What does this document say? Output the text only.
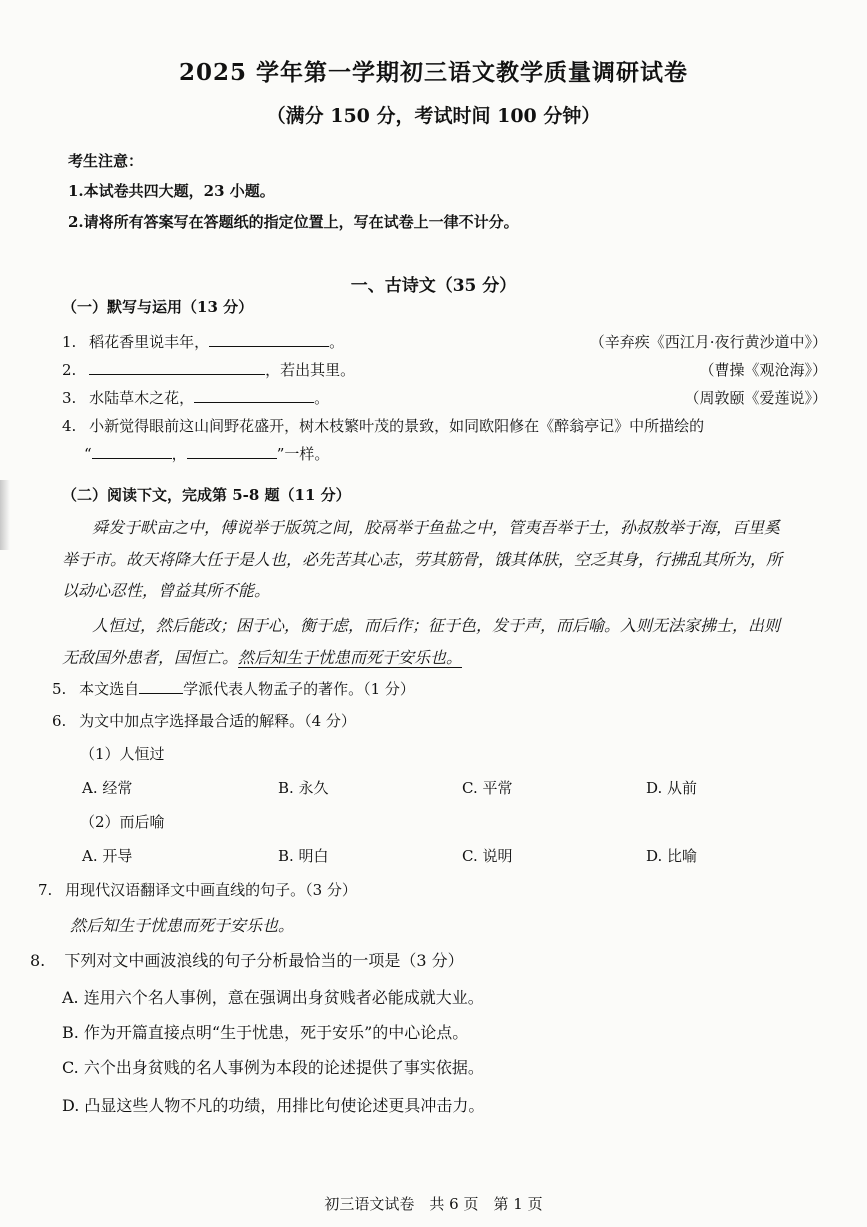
2025 学年第一学期初三语文教学质量调研试卷
（满分 150 分，考试时间 100 分钟）
考生注意：
1.本试卷共四大题，23 小题。
2.请将所有答案写在答题纸的指定位置上，写在试卷上一律不计分。
一、古诗文（35 分）
（一）默写与运用（13 分）
1. 稻花香里说丰年，	。	（辛弃疾《西江月·夜行黄沙道中》）
2.	，若出其里。	（曹操《观沧海》）
3. 水陆草木之花，	。	（周敦颐《爱莲说》）
4. 小新觉得眼前这山间野花盛开，树木枝繁叶茂的景致，如同欧阳修在《醉翁亭记》中所描绘的
“	，	”一样。
（二）阅读下文，完成第 5-8 题（11 分）
舜发于畎亩之中，傅说举于版筑之间，胶鬲举于鱼盐之中，管夷吾举于士，孙叔敖举于海，百里奚
举于市。故天将降大任于是人也，必先苦其心志，劳其筋骨，饿其体肤，空乏其身，行拂乱其所为，所
以动心忍性，曾益其所不能。
人恒过，然后能改；困于心，衡于虑，而后作；征于色，发于声，而后喻。入则无法家拂士，出则
无敌国外患者，国恒亡。然后知生于忧患而死于安乐也。
5. 本文选自	学派代表人物孟子的著作。（1 分）
6. 为文中加点字选择最合适的解释。（4 分）
（1）人恒过
A. 经常	B. 永久	C. 平常	D. 从前
（2）而后喻
A. 开导	B. 明白	C. 说明	D. 比喻
7. 用现代汉语翻译文中画直线的句子。（3 分）
然后知生于忧患而死于安乐也。
8. 下列对文中画波浪线的句子分析最恰当的一项是（3 分）
A. 连用六个名人事例，意在强调出身贫贱者必能成就大业。
B. 作为开篇直接点明“生于忧患，死于安乐”的中心论点。
C. 六个出身贫贱的名人事例为本段的论述提供了事实依据。
D. 凸显这些人物不凡的功绩，用排比句使论述更具冲击力。
初三语文试卷　共 6 页　第 1 页
